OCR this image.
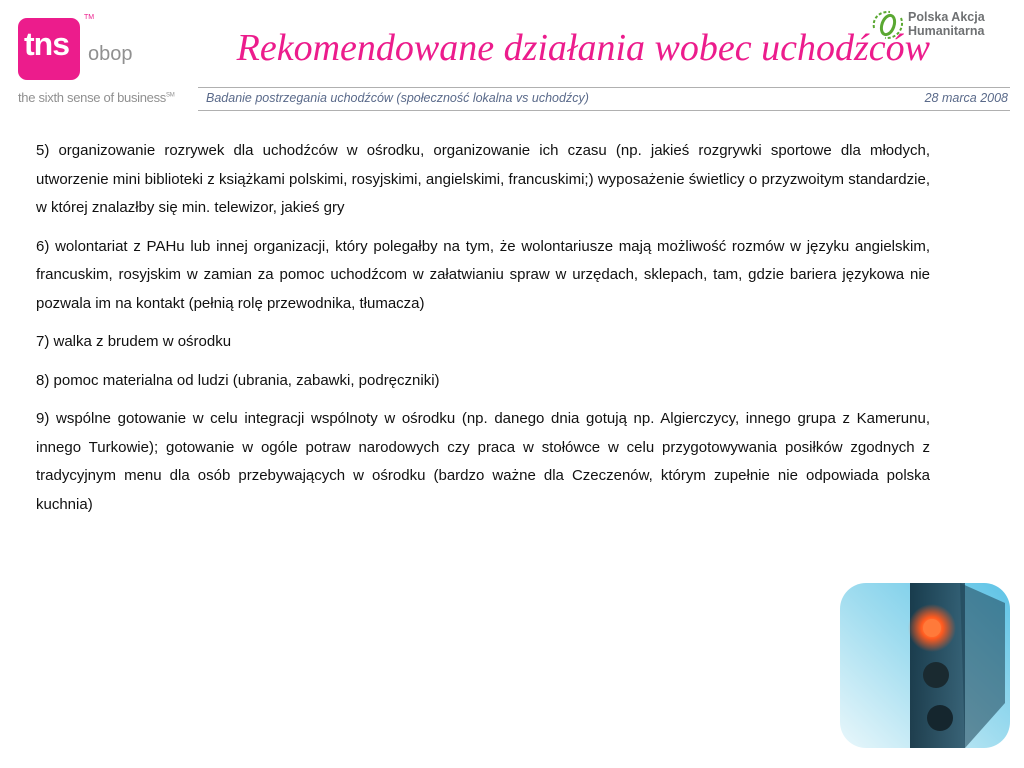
tns
TM
obop
the sixth sense of business℠
Rekomendowane działania wobec uchodźców
Polska Akcja
Humanitarna
Badanie postrzegania uchodźców (społeczność lokalna vs uchodźcy)	28 marca 2008

5) organizowanie rozrywek dla uchodźców w ośrodku, organizowanie ich czasu (np. jakieś rozgrywki sportowe dla młodych, utworzenie mini biblioteki z książkami polskimi, rosyjskimi, angielskimi, francuskimi;) wyposażenie świetlicy o przyzwoitym standardzie, w której znalazłby się min. telewizor, jakieś gry

6) wolontariat z PAHu lub innej organizacji, który polegałby na tym, że wolontariusze mają możliwość rozmów w języku angielskim, francuskim, rosyjskim w zamian za pomoc uchodźcom w załatwianiu spraw w urzędach, sklepach, tam, gdzie bariera językowa nie pozwala im na kontakt (pełnią rolę przewodnika, tłumacza)

7) walka z brudem w ośrodku

8) pomoc materialna od ludzi (ubrania, zabawki, podręczniki)

9) wspólne gotowanie w celu integracji wspólnoty w ośrodku (np. danego dnia gotują np. Algierczycy, innego grupa z Kamerunu, innego Turkowie); gotowanie w ogóle potraw narodowych czy praca w stołówce w celu przygotowywania posiłków zgodnych z tradycyjnym menu dla osób przebywających w ośrodku (bardzo ważne dla Czeczenów, którym zupełnie nie odpowiada polska kuchnia)
